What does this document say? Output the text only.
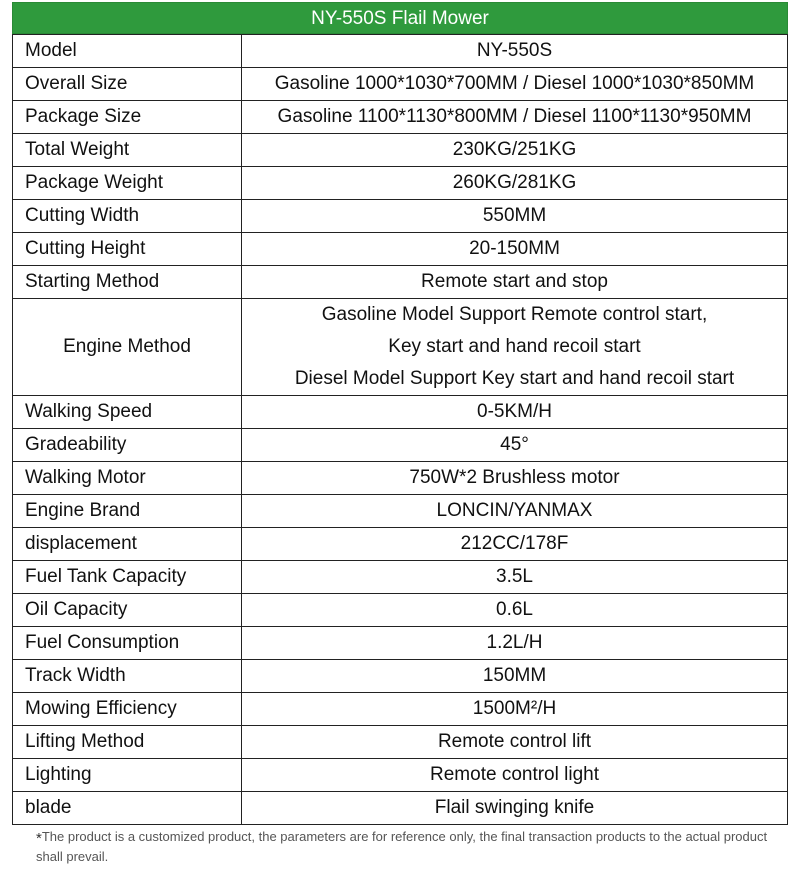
NY-550S Flail Mower
Model	NY-550S
Overall Size	Gasoline 1000*1030*700MM / Diesel 1000*1030*850MM
Package Size	Gasoline 1100*1130*800MM / Diesel 1100*1130*950MM
Total Weight	230KG/251KG
Package Weight	260KG/281KG
Cutting Width	550MM
Cutting Height	20-150MM
Starting Method	Remote start and stop
Engine Method	Gasoline Model Support Remote control start,
Key start and hand recoil start
Diesel Model Support Key start and hand recoil start

Walking Speed	0-5KM/H
Gradeability	45°
Walking Motor	750W*2 Brushless motor
Engine Brand	LONCIN/YANMAX
displacement	212CC/178F
Fuel Tank Capacity	3.5L
Oil Capacity	0.6L
Fuel Consumption	1.2L/H
Track Width	150MM
Mowing Efficiency	1500M²/H
Lifting Method	Remote control lift
Lighting	Remote control light
blade	Flail swinging knife
*The product is a customized product, the parameters are for reference only, the final transaction products to the actual product shall prevail.
